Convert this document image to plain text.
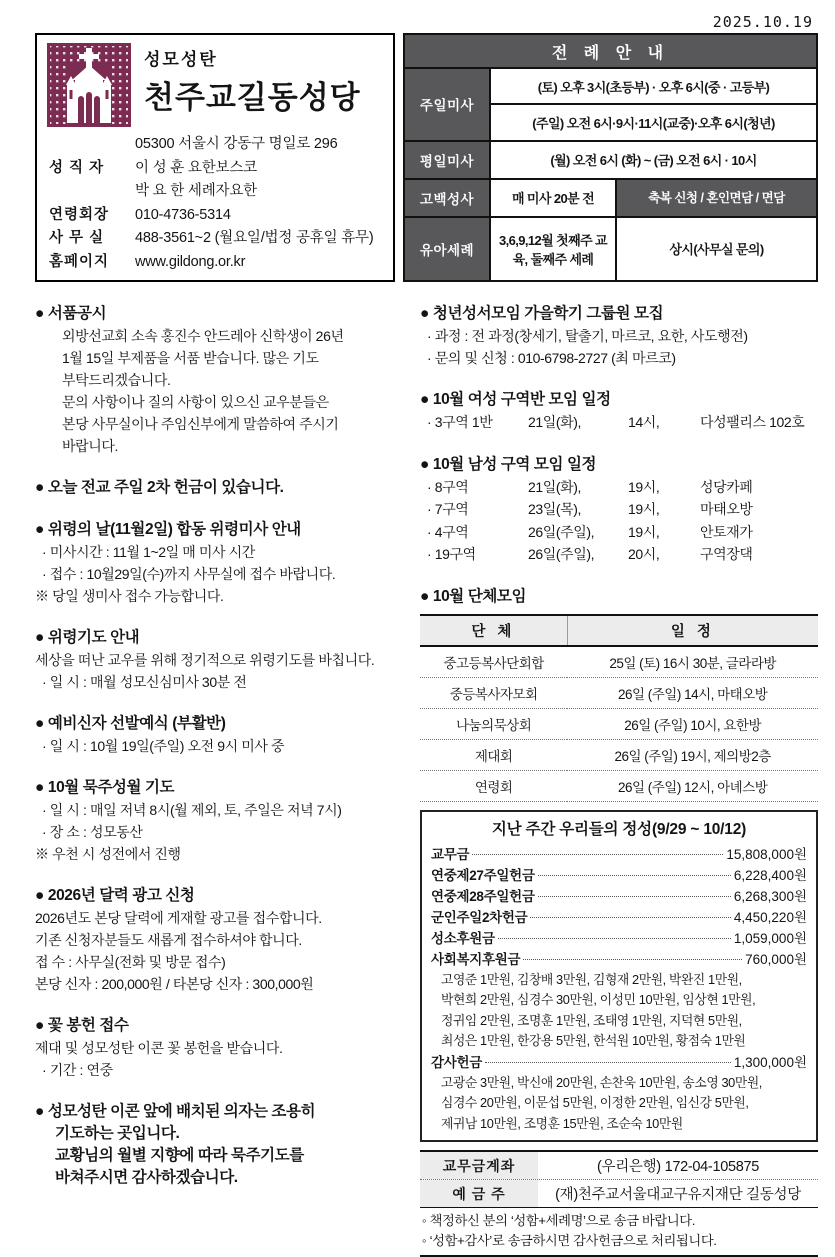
2025.10.19
성모성탄
천주교길동성당
05300 서울시 강동구 명일로 296
성 직 자	이 성 훈 요한보스코
박 요 한 세례자요한
연령회장	010-4736-5314
사 무 실	488-3561~2 (월요일/법정 공휴일 휴무)
홈페이지	www.gildong.or.kr
전 례 안 내		
주일미사	(토) 오후 3시(초등부) · 오후 6시(중 · 고등부)	
	(주일) 오전 6시·9시·11시(교중)·오후 6시(청년)	
평일미사	(월) 오전 6시 (화) ~ (금) 오전 6시 · 10시	
고백성사	매 미사 20분 전	축복 신청 / 혼인면담 / 면담
유아세례	3,6,9,12월 첫째주 교육, 둘째주 세례	상시(사무실 문의)
● 서품공시
외방선교회 소속 홍진수 안드레아 신학생이 26년
1월 15일 부제품을 서품 받습니다. 많은 기도
부탁드리겠습니다.
문의 사항이나 질의 사항이 있으신 교우분들은
본당 사무실이나 주임신부에게 말씀하여 주시기
바랍니다.
● 오늘 전교 주일 2차 헌금이 있습니다.
● 위령의 날(11월2일) 합동 위령미사 안내
· 미사시간 : 11월 1~2일 매 미사 시간
· 접수 : 10월29일(수)까지 사무실에 접수 바랍니다.
※ 당일 생미사 접수 가능합니다.
● 위령기도 안내
세상을 떠난 교우를 위해 정기적으로 위령기도를 바칩니다.
· 일 시 : 매월 성모신심미사 30분 전
● 예비신자 선발예식 (부활반)
· 일 시 : 10월 19일(주일) 오전 9시 미사 중
● 10월 묵주성월 기도
· 일 시 : 매일 저녁 8시(월 제외, 토, 주일은 저녁 7시)
· 장 소 : 성모동산
※ 우천 시 성전에서 진행
● 2026년 달력 광고 신청
2026년도 본당 달력에 게재할 광고를 접수합니다.
기존 신청자분들도 새롭게 접수하셔야 합니다.
접 수 : 사무실(전화 및 방문 접수)
본당 신자 : 200,000원 / 타본당 신자 : 300,000원
● 꽃 봉헌 접수
제대 및 성모성탄 이콘 꽃 봉헌을 받습니다.
· 기간 : 연중
● 성모성탄 이콘 앞에 배치된 의자는 조용히
기도하는 곳입니다.
교황님의 월별 지향에 따라 묵주기도를
바쳐주시면 감사하겠습니다.
● 청년성서모임 가을학기 그룹원 모집
· 과정 : 전 과정(창세기, 탈출기, 마르코, 요한, 사도행전)
· 문의 및 신청 : 010-6798-2727 (최 마르코)
● 10월 여성 구역반 모임 일정
· 3구역 1반	21일(화),	14시,	다성팰리스 102호
● 10월 남성 구역 모임 일정
· 8구역	21일(화),	19시,	성당카페
· 7구역	23일(목),	19시,	마태오방
· 4구역	26일(주일),	19시,	안토재가
· 19구역	26일(주일),	20시,	구역장댁
● 10월 단체모임
단 체	일 정
중고등복사단회합	25일 (토) 16시 30분, 글라라방
중등복사자모회	26일 (주일) 14시, 마태오방
나눔의묵상회	26일 (주일) 10시, 요한방
제대회	26일 (주일) 19시, 제의방2층
연령회	26일 (주일) 12시, 아녜스방
지난 주간 우리들의 정성(9/29 ~ 10/12)
교무금	15,808,000원
연중제27주일헌금	6,228,400원
연중제28주일헌금	6,268,300원
군인주일2차헌금	4,450,220원
성소후원금	1,059,000원
사회복지후원금	760,000원
고영준 1만원, 김창배 3만원, 김형재 2만원, 박완진 1만원,
박현희 2만원, 심경수 30만원, 이성민 10만원, 임상현 1만원,
정귀임 2만원, 조명훈 1만원, 조태영 1만원, 지덕현 5만원,
최성은 1만원, 한강용 5만원, 한석원 10만원, 황점숙 1만원
감사헌금	1,300,000원
고광순 3만원, 박신애 20만원, 손찬욱 10만원, 송소영 30만원,
심경수 20만원, 이문섭 5만원, 이정한 2만원, 임신강 5만원,
제귀남 10만원, 조명훈 15만원, 조순숙 10만원
교무금계좌	(우리은행) 172-04-105875
예 금 주	(재)천주교서울대교구유지재단 길동성당
◦ 책정하신 분의 ‘성함+세례명’으로 송금 바랍니다.
◦ ‘성함+감사’로 송금하시면 감사헌금으로 처리됩니다.
